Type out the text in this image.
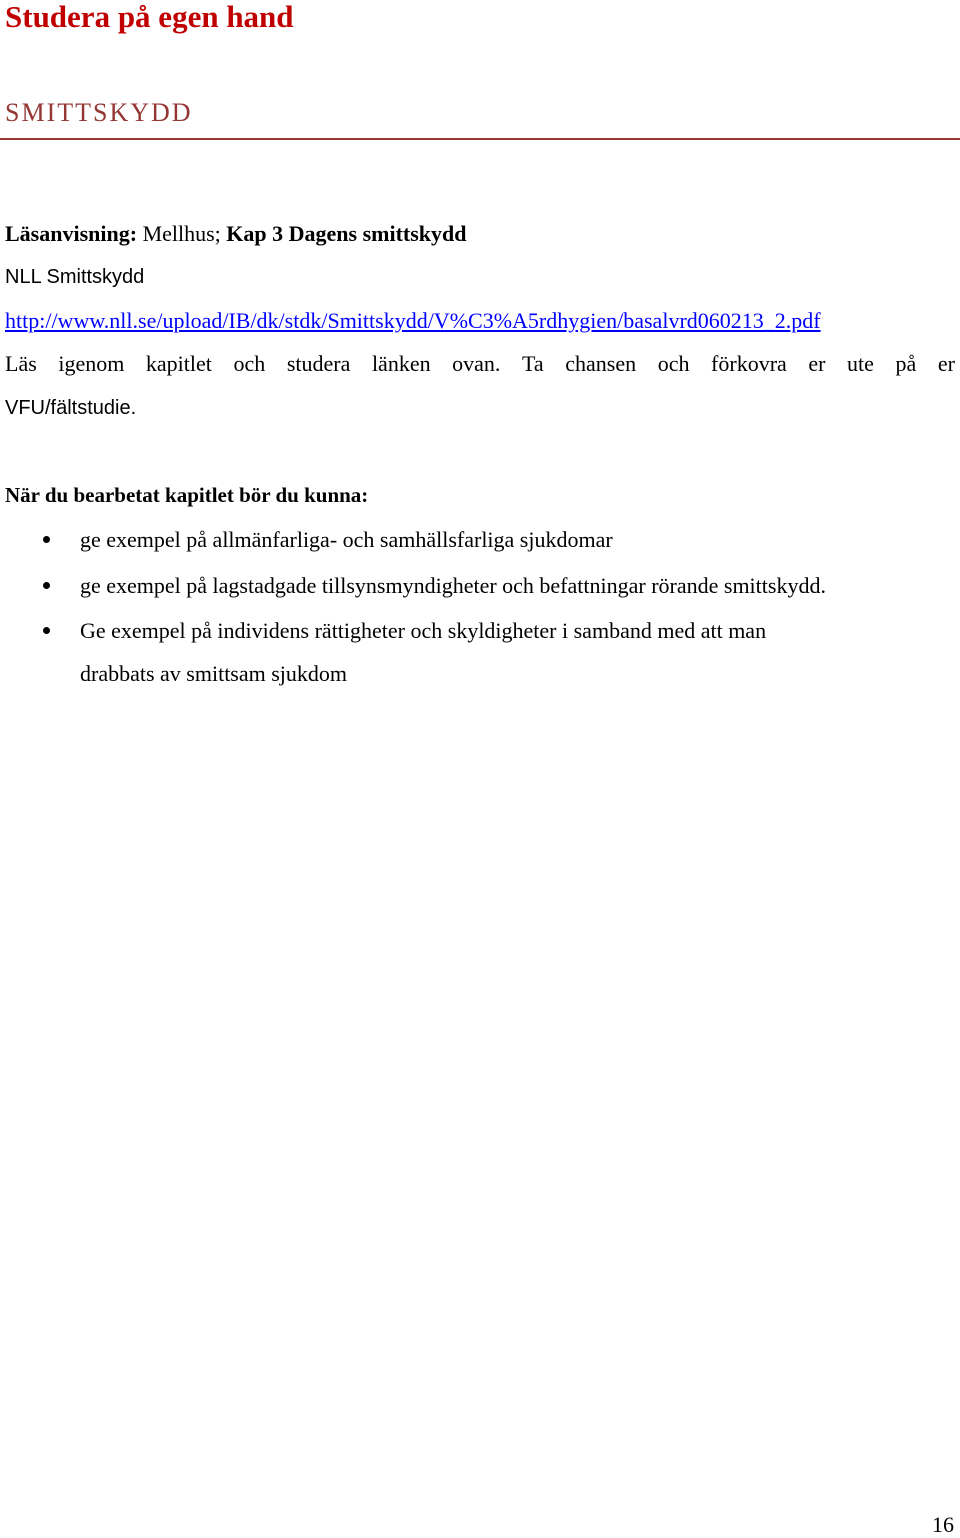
Studera på egen hand
SMITTSKYDD
Läsanvisning: Mellhus; Kap 3 Dagens smittskydd
NLL Smittskydd
http://www.nll.se/upload/IB/dk/stdk/Smittskydd/V%C3%A5rdhygien/basalvrd060213_2.pdf
Läs igenom kapitlet och studera länken ovan. Ta chansen och förkovra er ute på er
VFU/fältstudie.
När du bearbetat kapitlet bör du kunna:
ge exempel på allmänfarliga- och samhällsfarliga sjukdomar
ge exempel på lagstadgade tillsynsmyndigheter och befattningar rörande smittskydd.
Ge exempel på individens rättigheter och skyldigheter i samband med att man
drabbats av smittsam sjukdom
16
